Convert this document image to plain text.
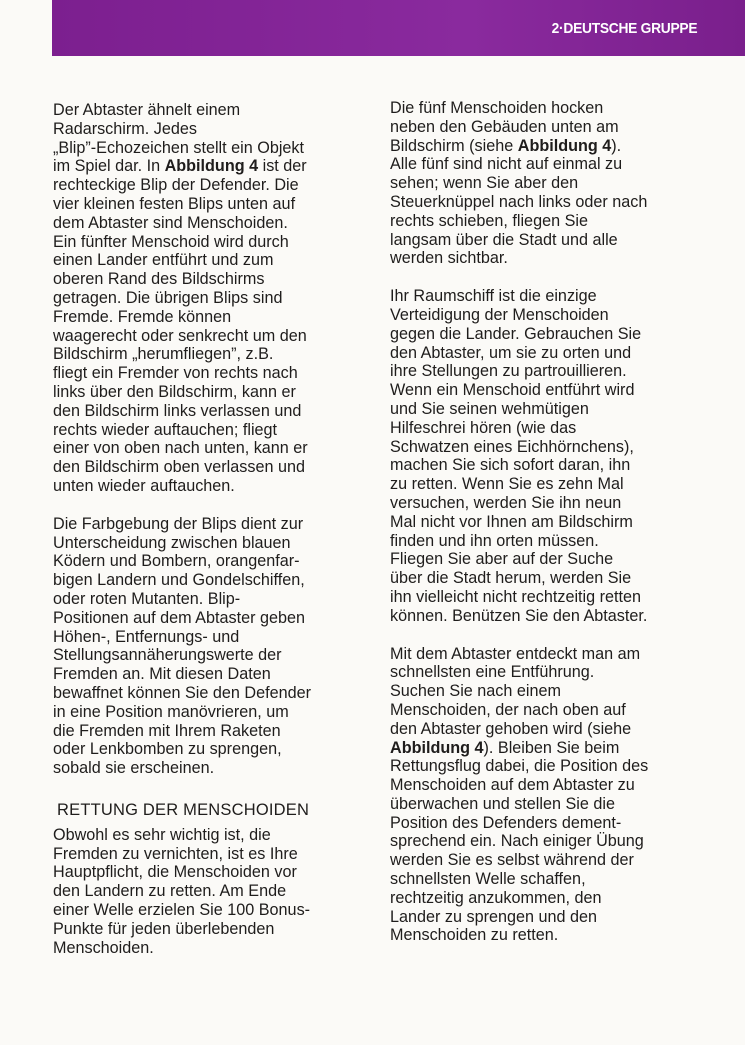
2·DEUTSCHE GRUPPE

Der Abtaster ähnelt einem
Radarschirm. Jedes
„Blip”-Echozeichen stellt ein Objekt
im Spiel dar. In Abbildung 4 ist der
rechteckige Blip der Defender. Die
vier kleinen festen Blips unten auf
dem Abtaster sind Menschoiden.
Ein fünfter Menschoid wird durch
einen Lander entführt und zum
oberen Rand des Bildschirms
getragen. Die übrigen Blips sind
Fremde. Fremde können
waagerecht oder senkrecht um den
Bildschirm „herumfliegen”, z.B.
fliegt ein Fremder von rechts nach
links über den Bildschirm, kann er
den Bildschirm links verlassen und
rechts wieder auftauchen; fliegt
einer von oben nach unten, kann er
den Bildschirm oben verlassen und
unten wieder auftauchen.

Die Farbgebung der Blips dient zur
Unterscheidung zwischen blauen
Ködern und Bombern, orangenfar-
bigen Landern und Gondelschiffen,
oder roten Mutanten. Blip-
Positionen auf dem Abtaster geben
Höhen-, Entfernungs- und
Stellungsannäherungswerte der
Fremden an. Mit diesen Daten
bewaffnet können Sie den Defender
in eine Position manövrieren, um
die Fremden mit Ihrem Raketen
oder Lenkbomben zu sprengen,
sobald sie erscheinen.

RETTUNG DER MENSCHOIDEN

Obwohl es sehr wichtig ist, die
Fremden zu vernichten, ist es Ihre
Hauptpflicht, die Menschoiden vor
den Landern zu retten. Am Ende
einer Welle erzielen Sie 100 Bonus-
Punkte für jeden überlebenden
Menschoiden.

Die fünf Menschoiden hocken
neben den Gebäuden unten am
Bildschirm (siehe Abbildung 4).
Alle fünf sind nicht auf einmal zu
sehen; wenn Sie aber den
Steuerknüppel nach links oder nach
rechts schieben, fliegen Sie
langsam über die Stadt und alle
werden sichtbar.

Ihr Raumschiff ist die einzige
Verteidigung der Menschoiden
gegen die Lander. Gebrauchen Sie
den Abtaster, um sie zu orten und
ihre Stellungen zu partrouillieren.
Wenn ein Menschoid entführt wird
und Sie seinen wehmütigen
Hilfeschrei hören (wie das
Schwatzen eines Eichhörnchens),
machen Sie sich sofort daran, ihn
zu retten. Wenn Sie es zehn Mal
versuchen, werden Sie ihn neun
Mal nicht vor Ihnen am Bildschirm
finden und ihn orten müssen.
Fliegen Sie aber auf der Suche
über die Stadt herum, werden Sie
ihn vielleicht nicht rechtzeitig retten
können. Benützen Sie den Abtaster.

Mit dem Abtaster entdeckt man am
schnellsten eine Entführung.
Suchen Sie nach einem
Menschoiden, der nach oben auf
den Abtaster gehoben wird (siehe
Abbildung 4). Bleiben Sie beim
Rettungsflug dabei, die Position des
Menschoiden auf dem Abtaster zu
überwachen und stellen Sie die
Position des Defenders dement-
sprechend ein. Nach einiger Übung
werden Sie es selbst während der
schnellsten Welle schaffen,
rechtzeitig anzukommen, den
Lander zu sprengen und den
Menschoiden zu retten.
